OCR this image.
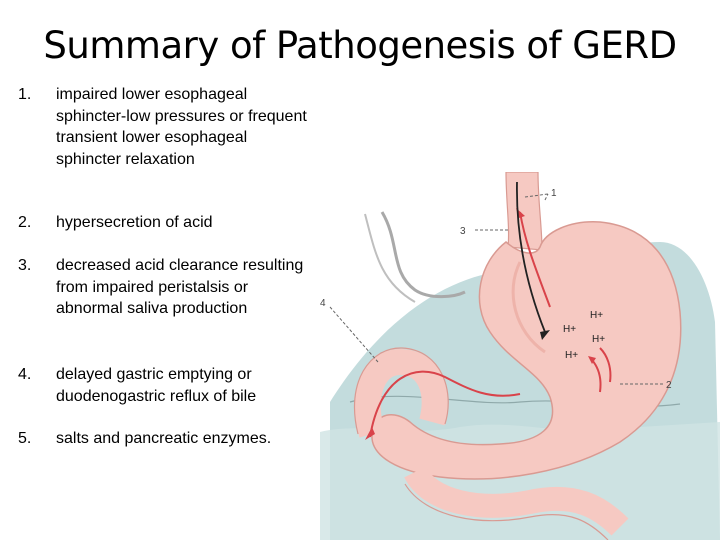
Summary of Pathogenesis of GERD
1. impaired lower esophageal sphincter-low pressures or frequent transient lower esophageal sphincter relaxation
2. hypersecretion of acid
3. decreased acid clearance resulting from impaired peristalsis or abnormal saliva production
4. delayed gastric emptying or duodenogastric reflux of bile
5. salts and pancreatic enzymes.
1
2
3
4
H+
H+
H+
H+
